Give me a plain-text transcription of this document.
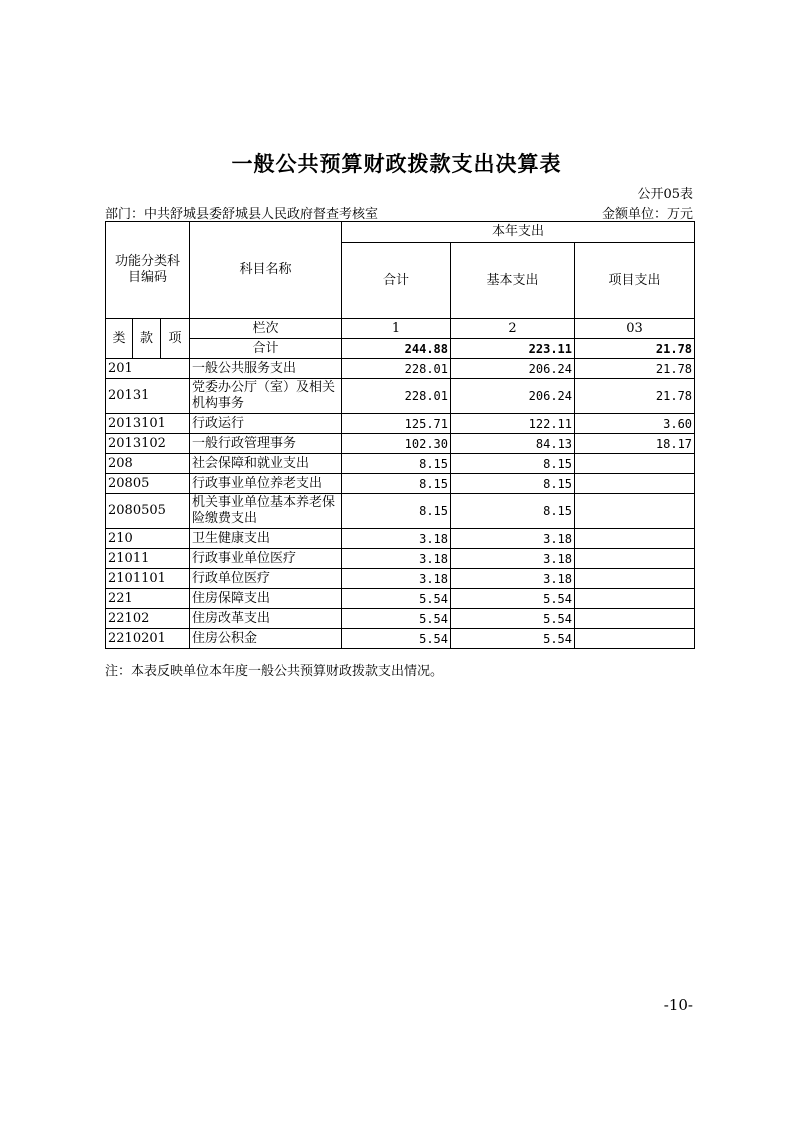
一般公共预算财政拨款支出决算表
公开05表
部门：中共舒城县委舒城县人民政府督查考核室	金额单位：万元
功能分类科目编码			科目名称	本年支出		
				合计	基本支出	项目支出
类	款	项	栏次	1	2	03
			合计	244.88	223.11	21.78
201			一般公共服务支出	228.01	206.24	21.78
20131			党委办公厅（室）及相关机构事务	228.01	206.24	21.78
2013101			行政运行	125.71	122.11	3.60
2013102			一般行政管理事务	102.30	84.13	18.17
208			社会保障和就业支出	8.15	8.15	
20805			行政事业单位养老支出	8.15	8.15	
2080505			机关事业单位基本养老保险缴费支出	8.15	8.15	
210			卫生健康支出	3.18	3.18	
21011			行政事业单位医疗	3.18	3.18	
2101101			行政单位医疗	3.18	3.18	
221			住房保障支出	5.54	5.54	
22102			住房改革支出	5.54	5.54	
2210201			住房公积金	5.54	5.54	
注：本表反映单位本年度一般公共预算财政拨款支出情况。
-10-
